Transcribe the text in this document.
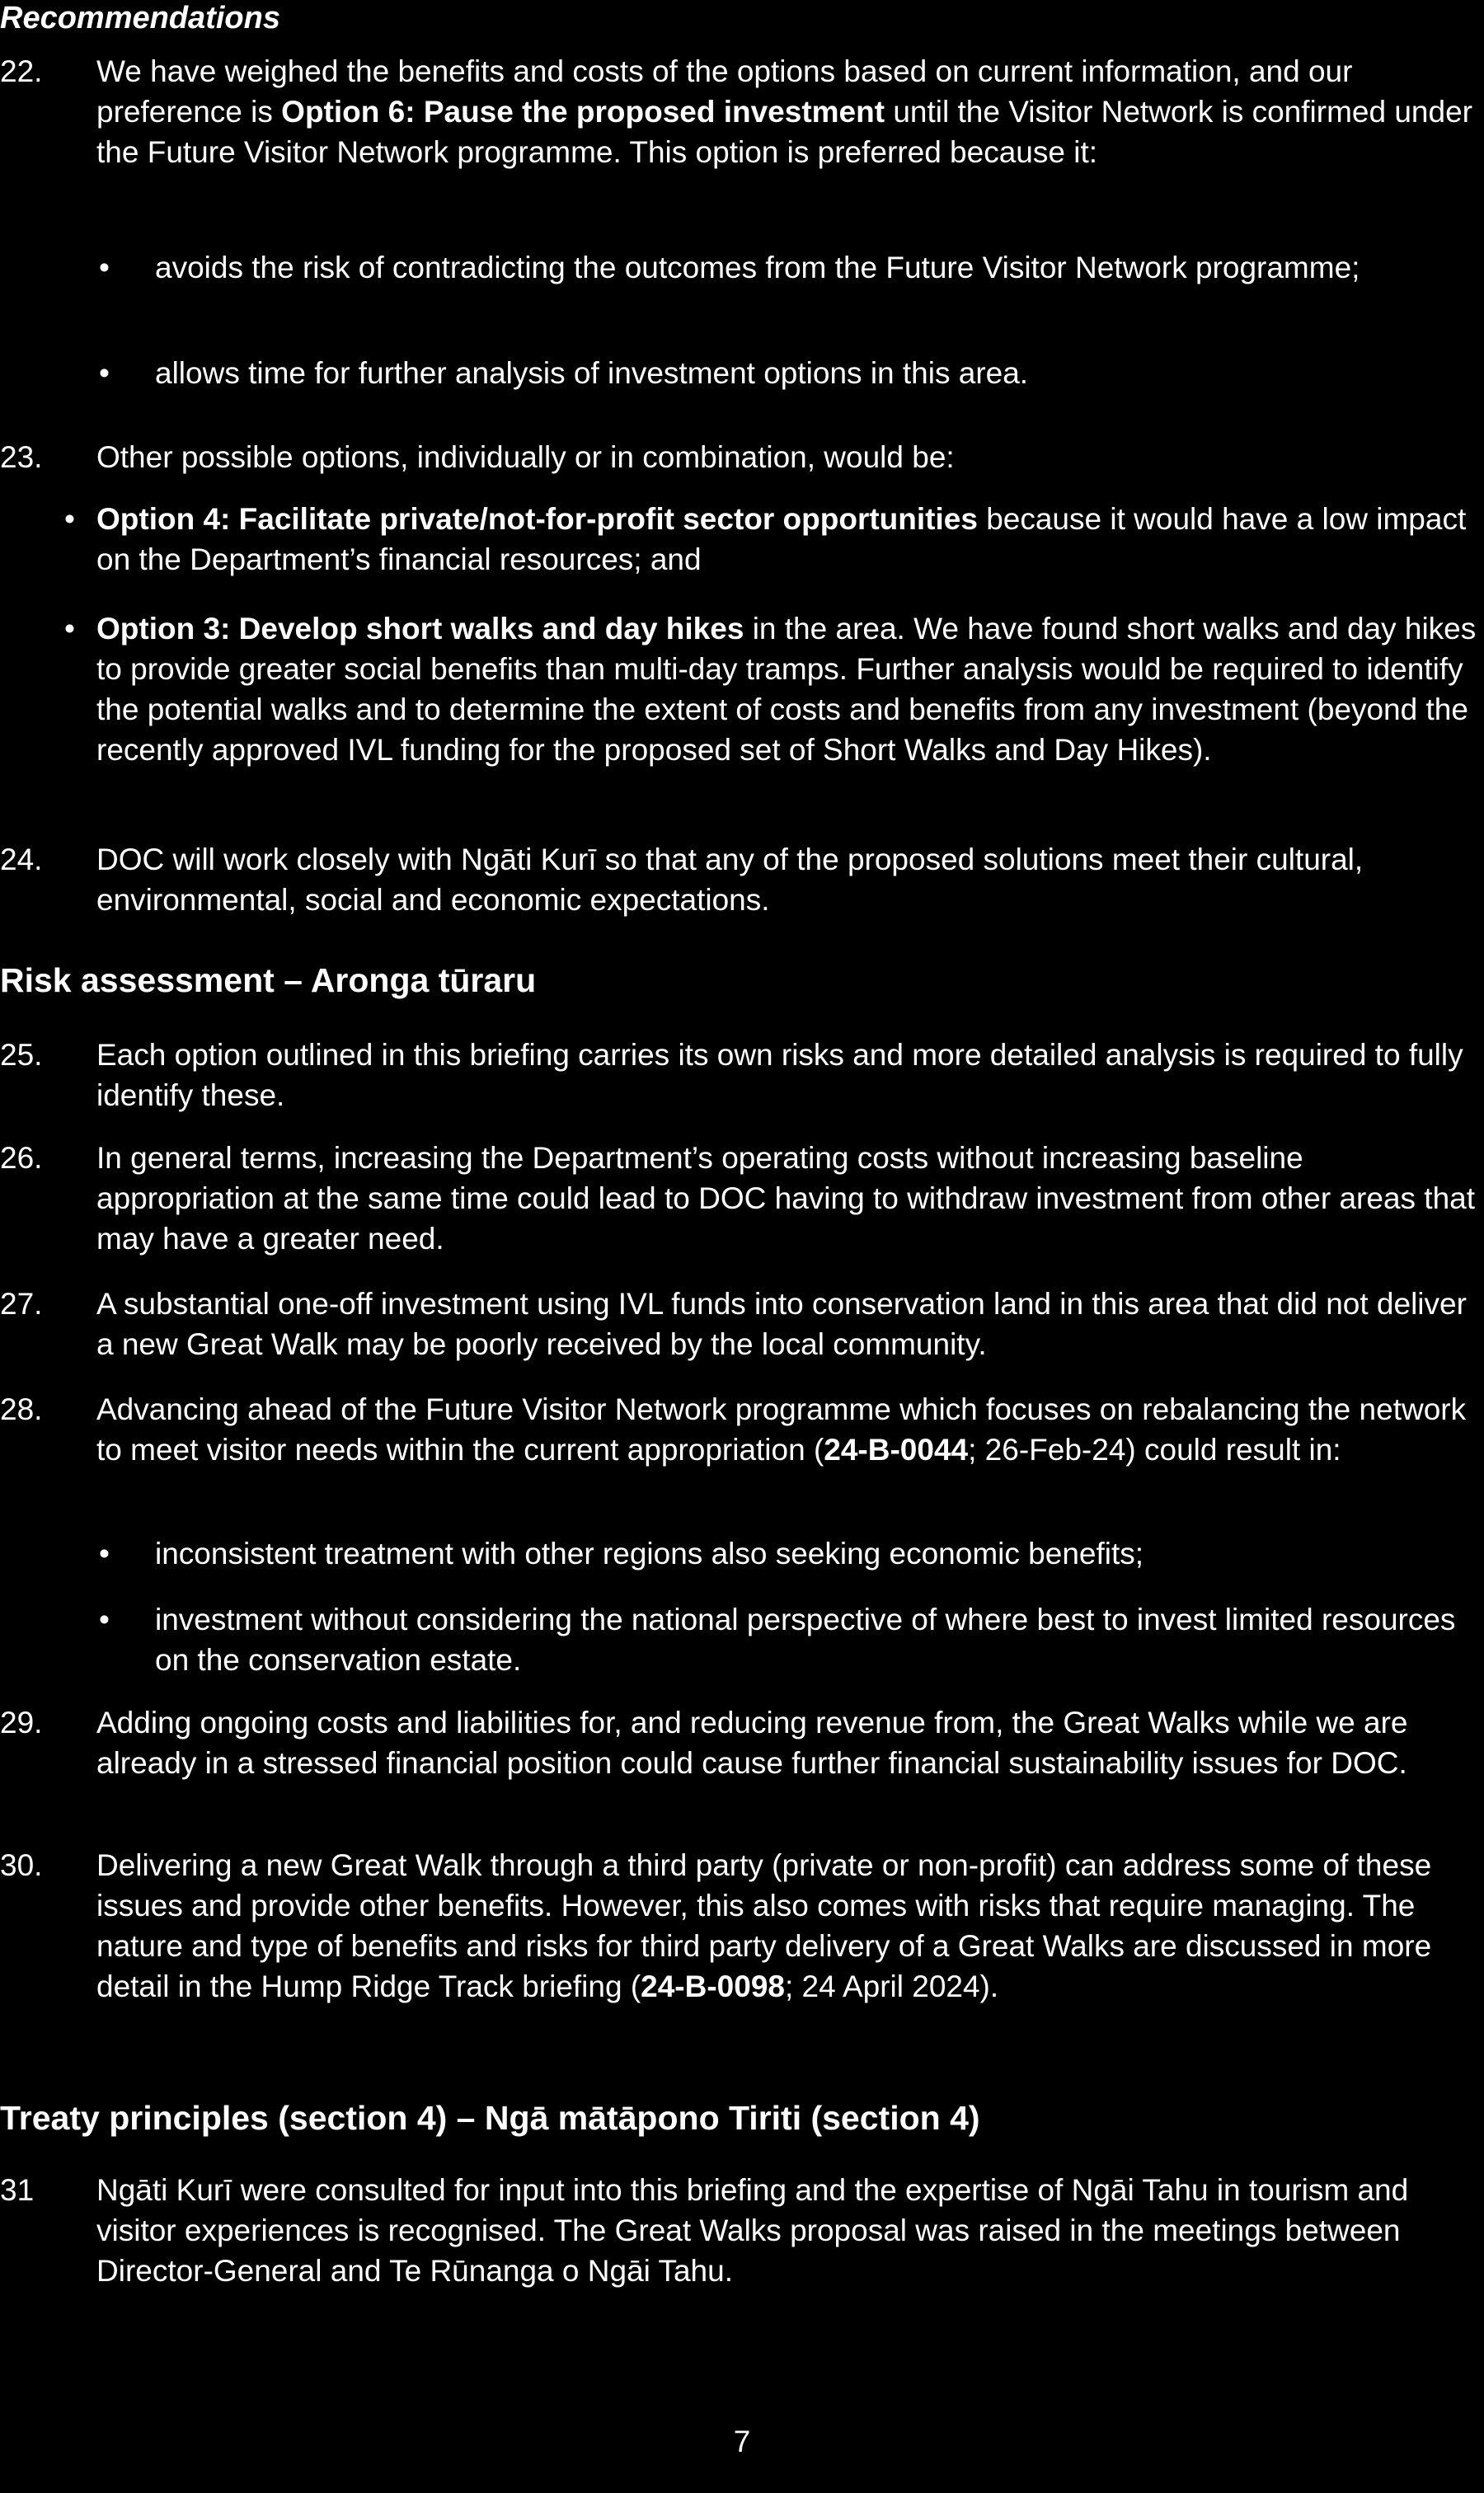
Recommendations
22. We have weighed the benefits and costs of the options based on current information, and our preference is Option 6: Pause the proposed investment until the Visitor Network is confirmed under the Future Visitor Network programme. This option is preferred because it:
• avoids the risk of contradicting the outcomes from the Future Visitor Network programme;
• allows time for further analysis of investment options in this area.
23. Other possible options, individually or in combination, would be:
• Option 4: Facilitate private/not-for-profit sector opportunities because it would have a low impact on the Department’s financial resources; and
• Option 3: Develop short walks and day hikes in the area. We have found short walks and day hikes to provide greater social benefits than multi-day tramps. Further analysis would be required to identify the potential walks and to determine the extent of costs and benefits from any investment (beyond the recently approved IVL funding for the proposed set of Short Walks and Day Hikes).
24. DOC will work closely with Ngāti Kurī so that any of the proposed solutions meet their cultural, environmental, social and economic expectations.
Risk assessment – Aronga tūraru
25. Each option outlined in this briefing carries its own risks and more detailed analysis is required to fully identify these.
26. In general terms, increasing the Department’s operating costs without increasing baseline appropriation at the same time could lead to DOC having to withdraw investment from other areas that may have a greater need.
27. A substantial one-off investment using IVL funds into conservation land in this area that did not deliver a new Great Walk may be poorly received by the local community.
28. Advancing ahead of the Future Visitor Network programme which focuses on rebalancing the network to meet visitor needs within the current appropriation (24-B-0044; 26-Feb-24) could result in:
• inconsistent treatment with other regions also seeking economic benefits;
• investment without considering the national perspective of where best to invest limited resources on the conservation estate.
29. Adding ongoing costs and liabilities for, and reducing revenue from, the Great Walks while we are already in a stressed financial position could cause further financial sustainability issues for DOC.
30. Delivering a new Great Walk through a third party (private or non-profit) can address some of these issues and provide other benefits. However, this also comes with risks that require managing. The nature and type of benefits and risks for third party delivery of a Great Walks are discussed in more detail in the Hump Ridge Track briefing (24-B-0098; 24 April 2024).
Treaty principles (section 4) – Ngā mātāpono Tiriti (section 4)
31 Ngāti Kurī were consulted for input into this briefing and the expertise of Ngāi Tahu in tourism and visitor experiences is recognised. The Great Walks proposal was raised in the meetings between Director-General and Te Rūnanga o Ngāi Tahu.
7
